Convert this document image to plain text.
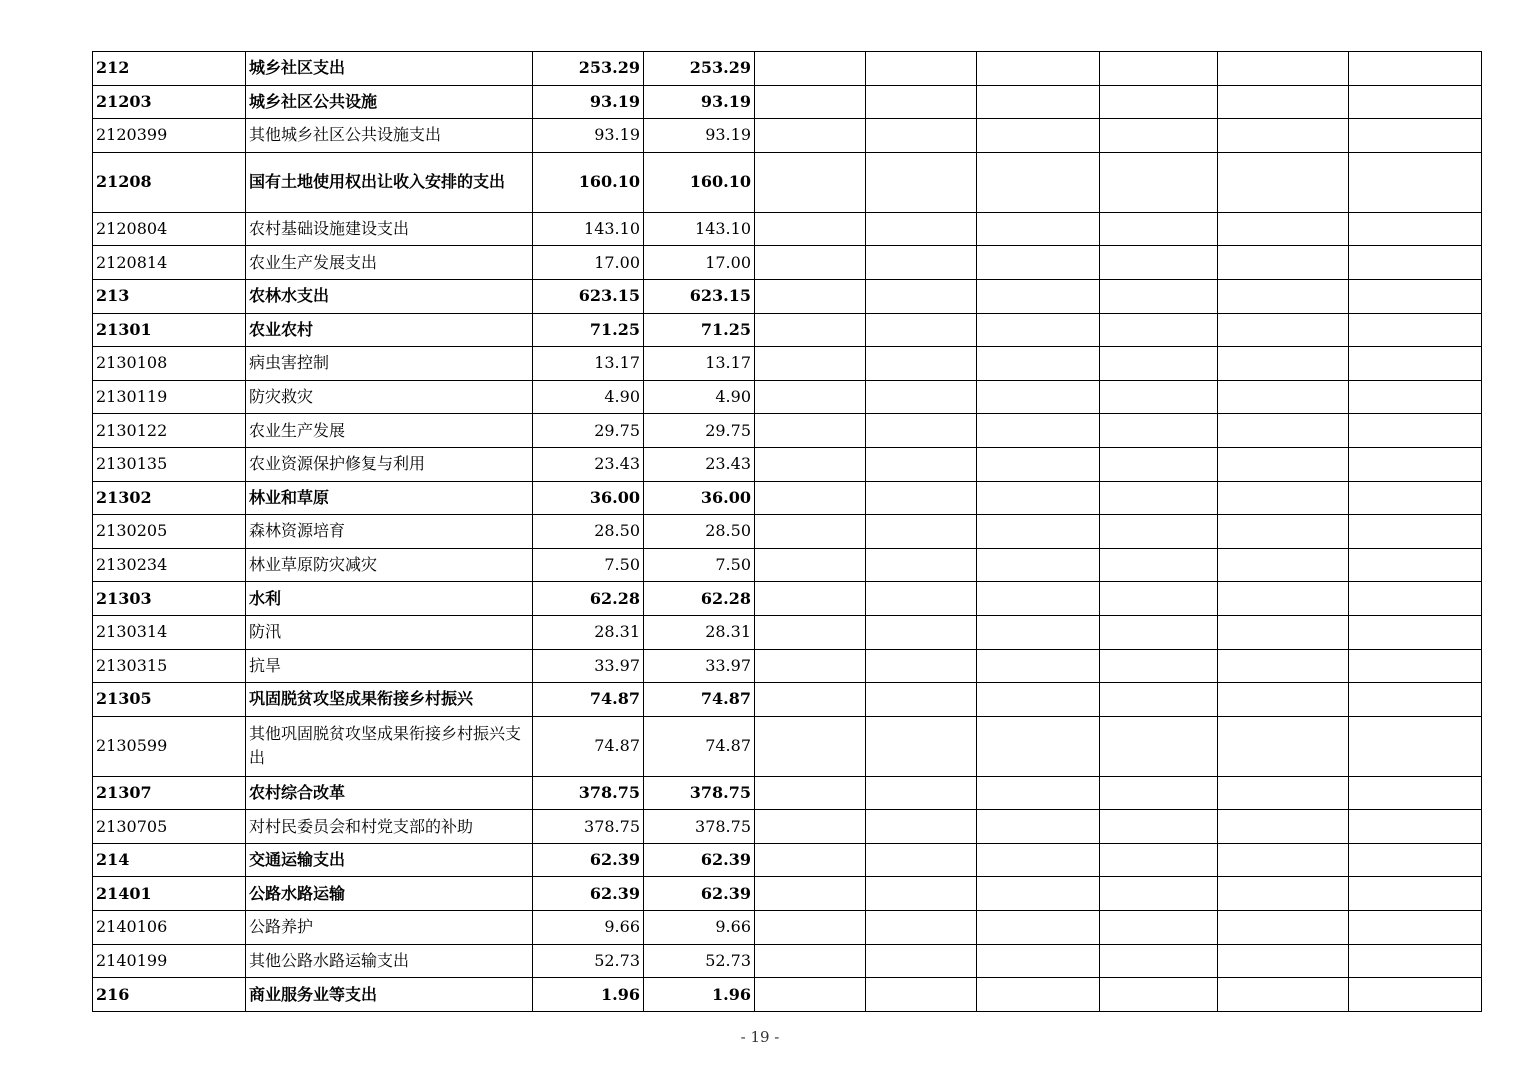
212	城乡社区支出	253.29	253.29						
21203	城乡社区公共设施	93.19	93.19						
2120399	其他城乡社区公共设施支出	93.19	93.19						
21208	国有土地使用权出让收入安排的支出	160.10	160.10						
2120804	农村基础设施建设支出	143.10	143.10						
2120814	农业生产发展支出	17.00	17.00						
213	农林水支出	623.15	623.15						
21301	农业农村	71.25	71.25						
2130108	病虫害控制	13.17	13.17						
2130119	防灾救灾	4.90	4.90						
2130122	农业生产发展	29.75	29.75						
2130135	农业资源保护修复与利用	23.43	23.43						
21302	林业和草原	36.00	36.00						
2130205	森林资源培育	28.50	28.50						
2130234	林业草原防灾减灾	7.50	7.50						
21303	水利	62.28	62.28						
2130314	防汛	28.31	28.31						
2130315	抗旱	33.97	33.97						
21305	巩固脱贫攻坚成果衔接乡村振兴	74.87	74.87						
2130599	其他巩固脱贫攻坚成果衔接乡村振兴支出	74.87	74.87						
21307	农村综合改革	378.75	378.75						
2130705	对村民委员会和村党支部的补助	378.75	378.75						
214	交通运输支出	62.39	62.39						
21401	公路水路运输	62.39	62.39						
2140106	公路养护	9.66	9.66						
2140199	其他公路水路运输支出	52.73	52.73						
216	商业服务业等支出	1.96	1.96						
- 19 -
